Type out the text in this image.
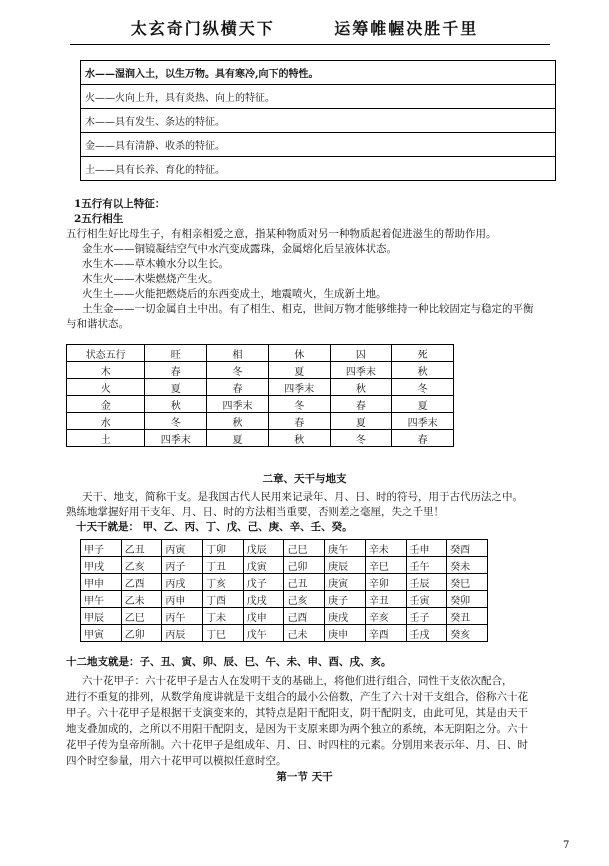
太玄奇门纵横天下	运筹帷幄决胜千里
水——湿润入土，以生万物。具有寒冷,向下的特性。
火——火向上升，具有炎热、向上的特征。
木——具有发生、条达的特征。
金——具有清静、收杀的特征。
土——具有长养、育化的特征。
1五行有以上特征：
2五行相生
五行相生好比母生子，有相亲相爱之意，指某种物质对另一种物质起着促进滋生的帮助作用。
金生水——铜镜凝结空气中水汽变成露珠，金属熔化后呈液体状态。
水生木——草木赖水分以生长。
木生火——木柴燃烧产生火。
火生土——火能把燃烧后的东西变成土，地震喷火，生成新土地。
土生金——一切金属自土中出。有了相生、相克，世间万物才能够维持一种比较固定与稳定的平衡
与和谐状态。
状态五行	旺	相	休	囚	死
木	春	冬	夏	四季末	秋
火	夏	春	四季末	秋	冬
金	秋	四季末	冬	春	夏
水	冬	秋	春	夏	四季末
土	四季末	夏	秋	冬	春
二章、天干与地支
天干、地支，简称干支。是我国古代人民用来记录年、月、日、时的符号，用于古代历法之中。
熟练地掌握好用干支年、月、日、时的方法相当重要，否则差之毫厘，失之千里！
十天干就是： 甲、乙、丙、丁、戊、己、庚、辛、壬、癸。
甲子	乙丑	丙寅	丁卯	戊辰	己巳	庚午	辛未	壬申	癸酉
甲戌	乙亥	丙子	丁丑	戊寅	己卯	庚辰	辛巳	壬午	癸未
甲申	乙酉	丙戌	丁亥	戊子	己丑	庚寅	辛卯	壬辰	癸巳
甲午	乙未	丙申	丁酉	戊戌	己亥	庚子	辛丑	壬寅	癸卯
甲辰	乙巳	丙午	丁未	戊申	己酉	庚戌	辛亥	壬子	癸丑
甲寅	乙卯	丙辰	丁巳	戊午	己未	庚申	辛酉	壬戌	癸亥
十二地支就是：子、丑、寅、卯、辰、巳、午、未、申、酉、戌、亥。
六十花甲子：六十花甲子是古人在发明干支的基础上，将他们进行组合，同性干支依次配合，
进行不重复的排列，从数学角度讲就是干支组合的最小公倍数，产生了六十对干支组合，俗称六十花
甲子。六十花甲子是根据干支演变来的，其特点是阳干配阳支，阴干配阴支，由此可见，其是由天干
地支叠加成的，之所以不用阳干配阴支，是因为干支原来即为两个独立的系统，本无阴阳之分。六十
花甲子传为皇帝所制。六十花甲子是组成年、月、日、时四柱的元素。分别用来表示年、月、日、时
四个时空参量，用六十花甲可以模拟任意时空。
第一节 天干
7
